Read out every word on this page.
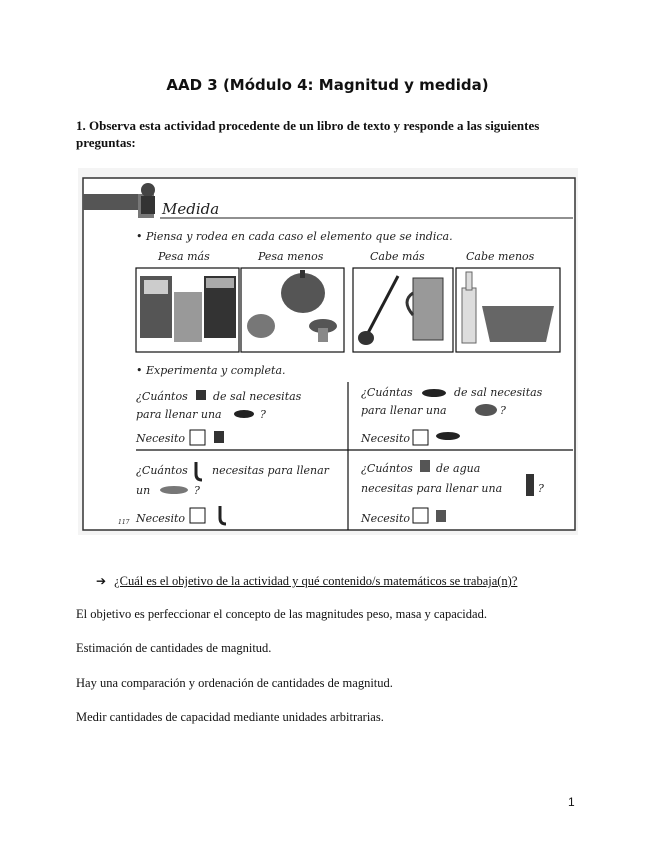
AAD 3 (Módulo 4: Magnitud y medida)
1. Observa esta actividad procedente de un libro de texto y responde a las siguientes preguntas:
Medida
• Piensa y rodea en cada caso el elemento que se indica.
Pesa más	Pesa menos	Cabe más	Cabe menos
• Experimenta y completa.
¿Cuántos de sal necesitas
para llenar una	?
Necesito
¿Cuántas	de sal necesitas
para llenar una	?
Necesito
¿Cuántos necesitas para llenar
un	?
117 Necesito
¿Cuántos de agua
necesitas para llenar una	?
Necesito
➔ ¿Cuál es el objetivo de la actividad y qué contenido/s matemáticos se trabaja(n)?
El objetivo es perfeccionar el concepto de las magnitudes peso, masa y capacidad.
Estimación de cantidades de magnitud.
Hay una comparación y ordenación de cantidades de magnitud.
Medir cantidades de capacidad mediante unidades arbitrarias.
1
